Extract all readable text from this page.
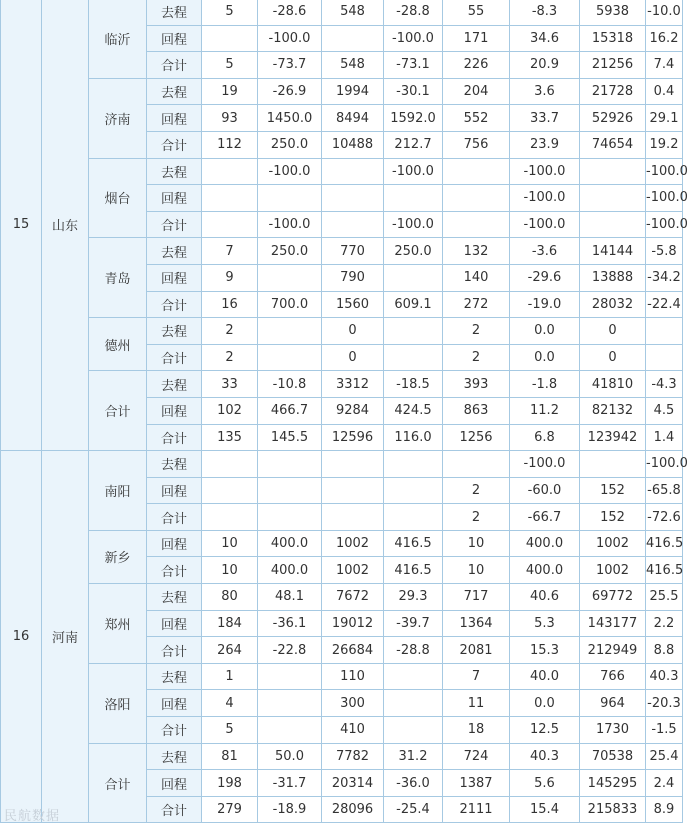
15	山东	临沂	去程	5	-28.6	548	-28.8	55	-8.3	5938	-10.0
			回程		-100.0		-100.0	171	34.6	15318	16.2
			合计	5	-73.7	548	-73.1	226	20.9	21256	7.4
		济南	去程	19	-26.9	1994	-30.1	204	3.6	21728	0.4
			回程	93	1450.0	8494	1592.0	552	33.7	52926	29.1
			合计	112	250.0	10488	212.7	756	23.9	74654	19.2
		烟台	去程		-100.0		-100.0		-100.0		-100.0
			回程						-100.0		-100.0
			合计		-100.0		-100.0		-100.0		-100.0
		青岛	去程	7	250.0	770	250.0	132	-3.6	14144	-5.8
			回程	9		790		140	-29.6	13888	-34.2
			合计	16	700.0	1560	609.1	272	-19.0	28032	-22.4
		德州	去程	2		0		2	0.0	0	
			合计	2		0		2	0.0	0	
		合计	去程	33	-10.8	3312	-18.5	393	-1.8	41810	-4.3
			回程	102	466.7	9284	424.5	863	11.2	82132	4.5
			合计	135	145.5	12596	116.0	1256	6.8	123942	1.4
16	河南	南阳	去程						-100.0		-100.0
			回程					2	-60.0	152	-65.8
			合计					2	-66.7	152	-72.6
		新乡	回程	10	400.0	1002	416.5	10	400.0	1002	416.5
			合计	10	400.0	1002	416.5	10	400.0	1002	416.5
		郑州	去程	80	48.1	7672	29.3	717	40.6	69772	25.5
			回程	184	-36.1	19012	-39.7	1364	5.3	143177	2.2
			合计	264	-22.8	26684	-28.8	2081	15.3	212949	8.8
		洛阳	去程	1		110		7	40.0	766	40.3
			回程	4		300		11	0.0	964	-20.3
			合计	5		410		18	12.5	1730	-1.5
		合计	去程	81	50.0	7782	31.2	724	40.3	70538	25.4
			回程	198	-31.7	20314	-36.0	1387	5.6	145295	2.4
			合计	279	-18.9	28096	-25.4	2111	15.4	215833	8.9
民航数据
